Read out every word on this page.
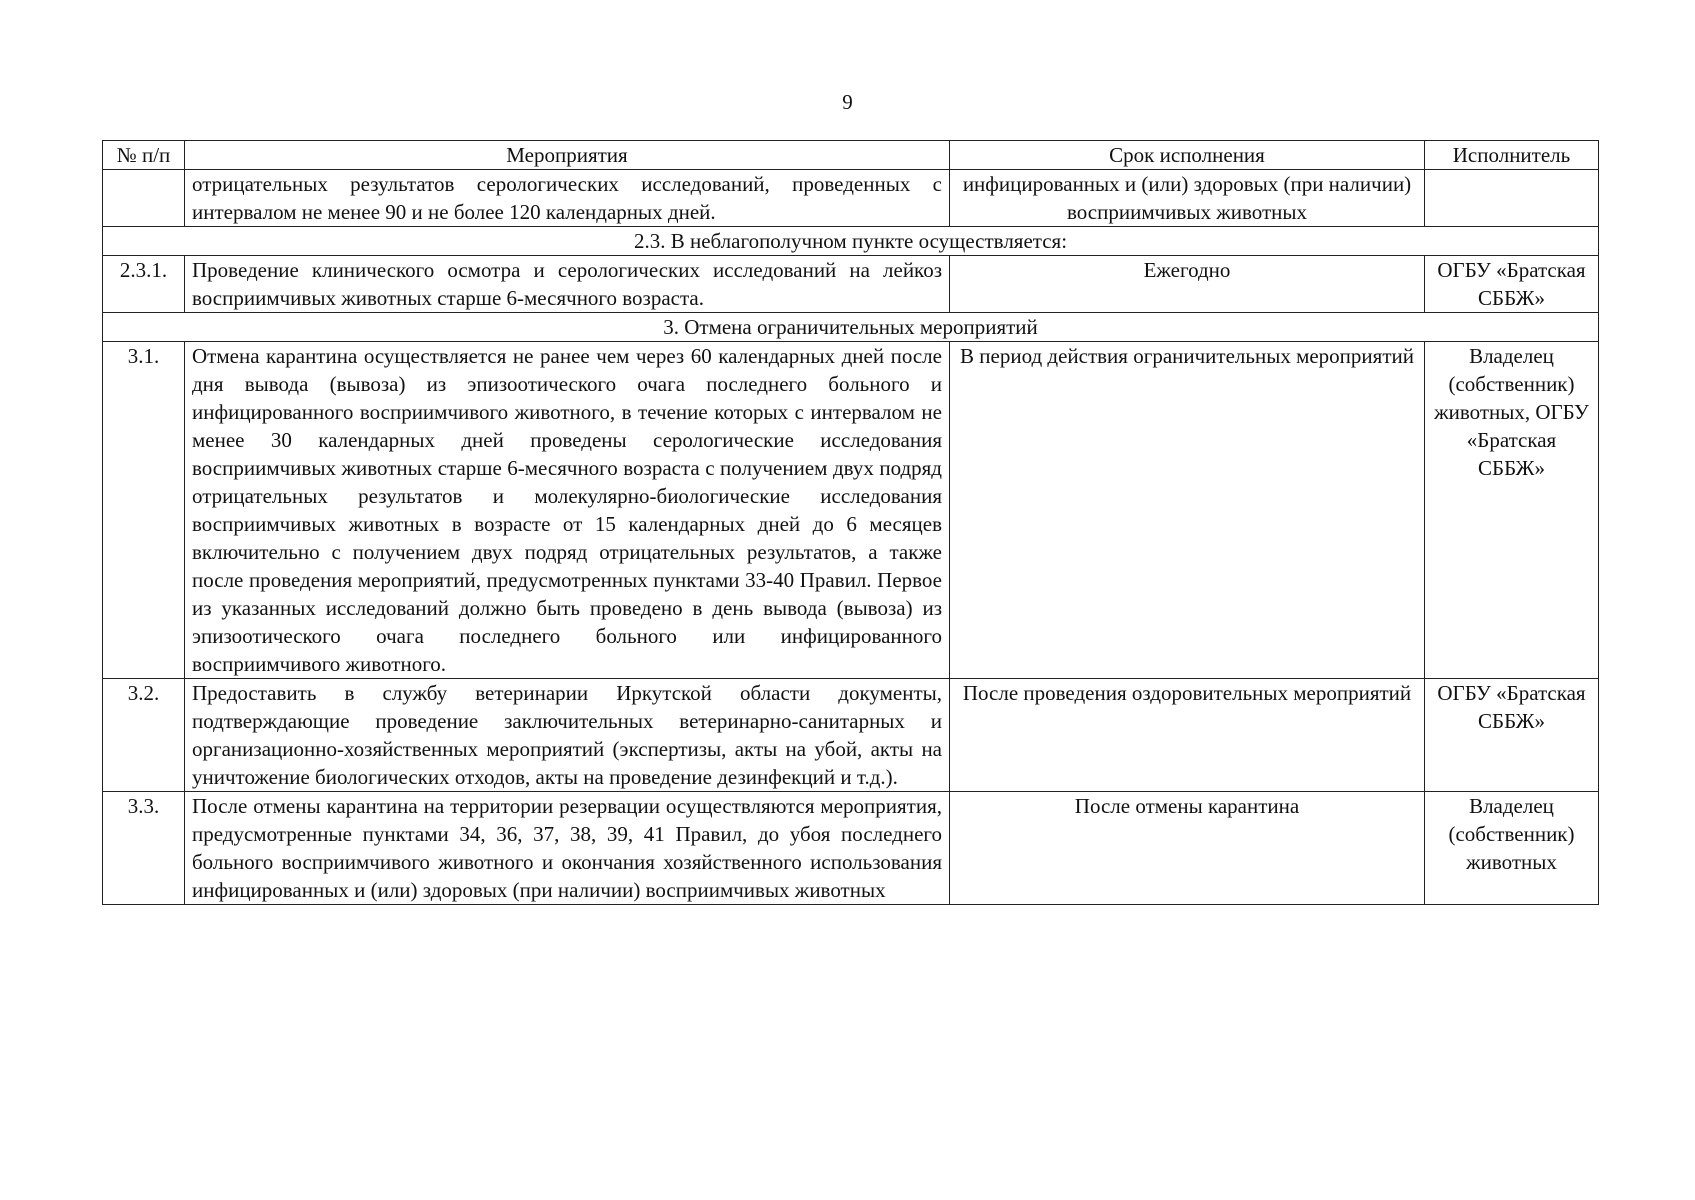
9
№ п/п	Мероприятия	Срок исполнения	Исполнитель
	отрицательных результатов серологических исследований, проведенных с интервалом не менее 90 и не более 120 календарных дней.	инфицированных и (или) здоровых (при наличии) восприимчивых животных	
2.3. В неблагополучном пункте осуществляется:			
2.3.1.	Проведение клинического осмотра и серологических исследований на лейкоз восприимчивых животных старше 6-месячного возраста.	Ежегодно	ОГБУ «Братская СББЖ»
3. Отмена ограничительных мероприятий			
3.1.	Отмена карантина осуществляется не ранее чем через 60 календарных дней после дня вывода (вывоза) из эпизоотического очага последнего больного и инфицированного восприимчивого животного, в течение которых с интервалом не менее 30 календарных дней проведены серологические исследования восприимчивых животных старше 6-месячного возраста с получением двух подряд отрицательных результатов и молекулярно-биологические исследования восприимчивых животных в возрасте от 15 календарных дней до 6 месяцев включительно с получением двух подряд отрицательных результатов, а также после проведения мероприятий, предусмотренных пунктами 33-40 Правил. Первое из указанных исследований должно быть проведено в день вывода (вывоза) из эпизоотического очага последнего больного или инфицированного восприимчивого животного.	В период действия ограничительных мероприятий	Владелец (собственник) животных, ОГБУ «Братская СББЖ»
3.2.	Предоставить в службу ветеринарии Иркутской области документы, подтверждающие проведение заключительных ветеринарно-санитарных и организационно-хозяйственных мероприятий (экспертизы, акты на убой, акты на уничтожение биологических отходов, акты на проведение дезинфекций и т.д.).	После проведения оздоровительных мероприятий	ОГБУ «Братская СББЖ»
3.3.	После отмены карантина на территории резервации осуществляются мероприятия, предусмотренные пунктами 34, 36, 37, 38, 39, 41 Правил, до убоя последнего больного восприимчивого животного и окончания хозяйственного использования инфицированных и (или) здоровых (при наличии) восприимчивых животных	После отмены карантина	Владелец (собственник) животных
